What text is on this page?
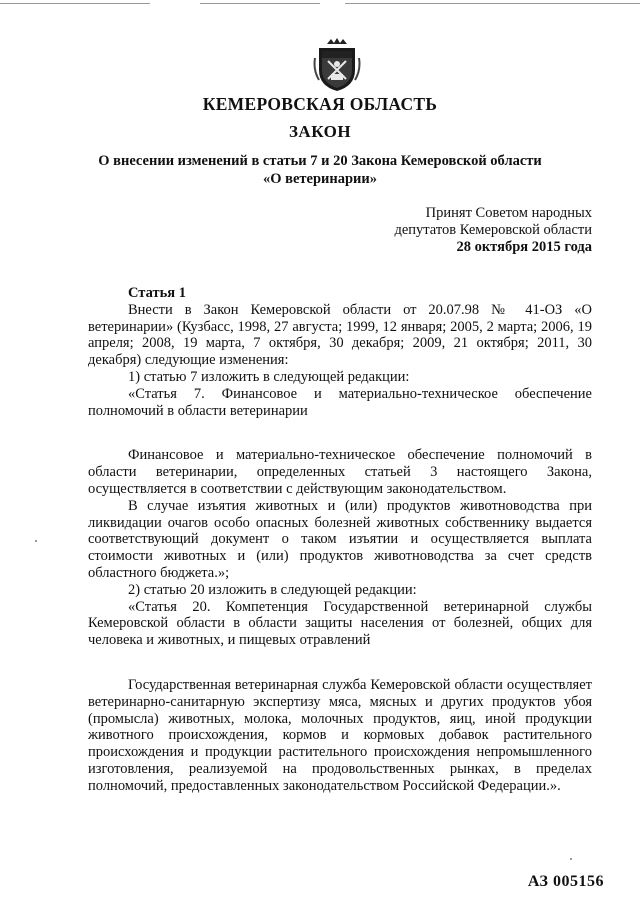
КЕМЕРОВСКАЯ ОБЛАСТЬ
ЗАКОН
О внесении изменений в статьи 7 и 20 Закона Кемеровской области
«О ветеринарии»
Принят Советом народных
депутатов Кемеровской области
28 октября 2015 года

Статья 1

Внести в Закон Кемеровской области от 20.07.98 № 41-ОЗ «О ветеринарии» (Кузбасс, 1998, 27 августа; 1999, 12 января; 2005, 2 марта; 2006, 19 апреля; 2008, 19 марта, 7 октября, 30 декабря; 2009, 21 октября; 2011, 30 декабря) следующие изменения:

1) статью 7 изложить в следующей редакции:

«Статья 7. Финансовое и материально-техническое обеспечение полномочий в области ветеринарии

Финансовое и материально-техническое обеспечение полномочий в области ветеринарии, определенных статьей 3 настоящего Закона, осуществляется в соответствии с действующим законодательством.

В случае изъятия животных и (или) продуктов животноводства при ликвидации очагов особо опасных болезней животных собственнику выдается соответствующий документ о таком изъятии и осуществляется выплата стоимости животных и (или) продуктов животноводства за счет средств областного бюджета.»;

2) статью 20 изложить в следующей редакции:

«Статья 20. Компетенция Государственной ветеринарной службы Кемеровской области в области защиты населения от болезней, общих для человека и животных, и пищевых отравлений

Государственная ветеринарная служба Кемеровской области осуществляет ветеринарно-санитарную экспертизу мяса, мясных и других продуктов убоя (промысла) животных, молока, молочных продуктов, яиц, иной продукции животного происхождения, кормов и кормовых добавок растительного происхождения и продукции растительного происхождения непромышленного изготовления, реализуемой на продовольственных рынках, в пределах полномочий, предоставленных законодательством Российской Федерации.».

АЗ 005156
